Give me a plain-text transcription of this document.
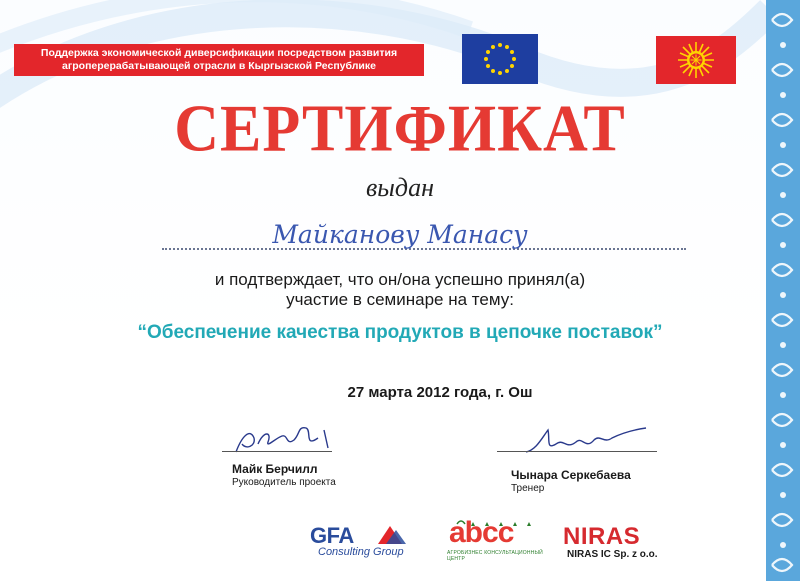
Поддержка экономической диверсификации посредством развития
агроперерабатывающей отрасли в Кыргызской Республике
СЕРТИФИКАТ
выдан
Майканову Манасу
и подтверждает, что он/она успешно принял(а)
участие в семинаре на тему:
“Обеспечение качества продуктов в цепочке поставок”
27 марта 2012 года, г. Ош
Майк Берчилл
Руководитель проекта
Чынара Серкебаева
Тренер
GFA
Consulting Group
abcc
АГРОБИЗНЕС КОНСУЛЬТАЦИОННЫЙ ЦЕНТР
NIRAS
NIRAS IC Sp. z o.o.
